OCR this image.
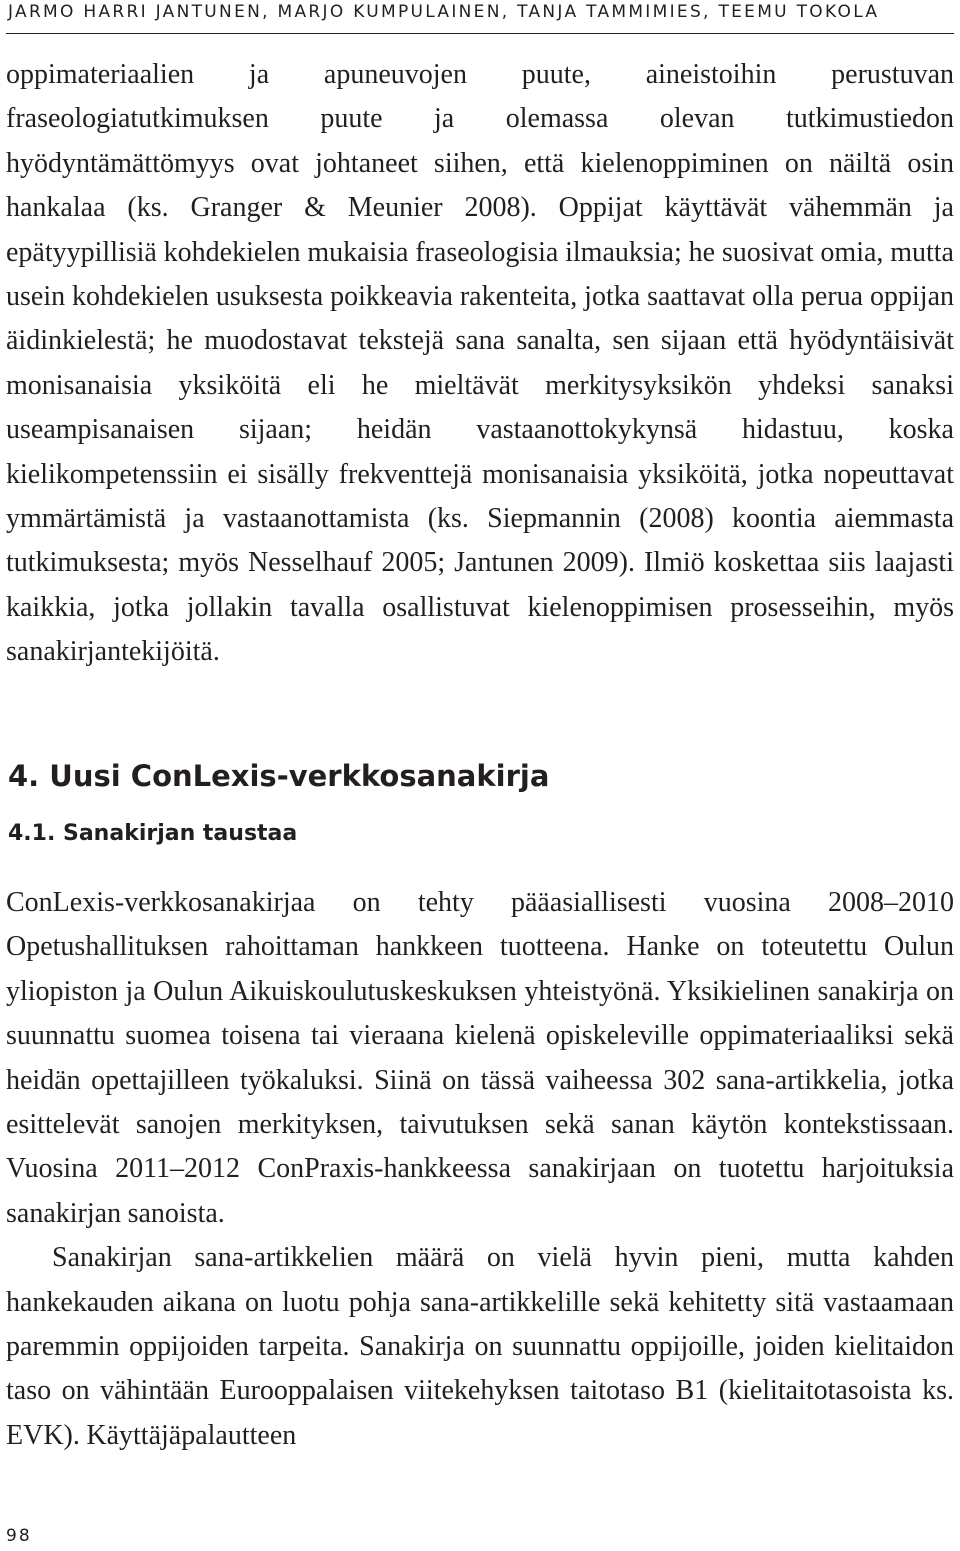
JARMO HARRI JANTUNEN, MARJO KUMPULAINEN, TANJA TAMMIMIES, TEEMU TOKOLA

oppimateriaalien ja apuneuvojen puute, aineistoihin perustuvan fraseologiatutkimuksen puute ja olemassa olevan tutkimustiedon hyödyntämättömyys ovat johtaneet siihen, että kielenoppiminen on näiltä osin hankalaa (ks. Granger & Meunier 2008). Oppijat käyttävät vähemmän ja epätyypillisiä kohdekielen mukaisia fraseologisia ilmauksia; he suosivat omia, mutta usein kohdekielen usuksesta poikkeavia rakenteita, jotka saattavat olla perua oppijan äidinkielestä; he muodostavat tekstejä sana sanalta, sen sijaan että hyödyntäisivät monisanaisia yksiköitä eli he mieltävät merkitysyksikön yhdeksi sanaksi useampisanaisen sijaan; heidän vastaanottokykynsä hidastuu, koska kielikompetenssiin ei sisälly frekventtejä monisanaisia yksiköitä, jotka nopeuttavat ymmärtämistä ja vastaanottamista (ks. Siepmannin (2008) koontia aiemmasta tutkimuksesta; myös Nesselhauf 2005; Jantunen 2009). Ilmiö koskettaa siis laajasti kaikkia, jotka jollakin tavalla osallistuvat kielenoppimisen prosesseihin, myös sanakirjantekijöitä.

4. Uusi ConLexis-verkkosanakirja
4.1. Sanakirjan taustaa

ConLexis-verkkosanakirjaa on tehty pääasiallisesti vuosina 2008–2010 Opetushallituksen rahoittaman hankkeen tuotteena. Hanke on toteutettu Oulun yliopiston ja Oulun Aikuiskoulutuskeskuksen yhteistyönä. Yksikielinen sanakirja on suunnattu suomea toisena tai vieraana kielenä opiskeleville oppimateriaaliksi sekä heidän opettajilleen työkaluksi. Siinä on tässä vaiheessa 302 sana-artikkelia, jotka esittelevät sanojen merkityksen, taivutuksen sekä sanan käytön kontekstissaan. Vuosina 2011–2012 ConPraxis-hankkeessa sanakirjaan on tuotettu harjoituksia sanakirjan sanoista.

Sanakirjan sana-artikkelien määrä on vielä hyvin pieni, mutta kahden hankekauden aikana on luotu pohja sana-artikkelille sekä kehitetty sitä vastaamaan paremmin oppijoiden tarpeita. Sanakirja on suunnattu oppijoille, joiden kielitaidon taso on vähintään Eurooppalaisen viitekehyksen taitotaso B1 (kielitaitotasoista ks. EVK). Käyttäjäpalautteen

98
